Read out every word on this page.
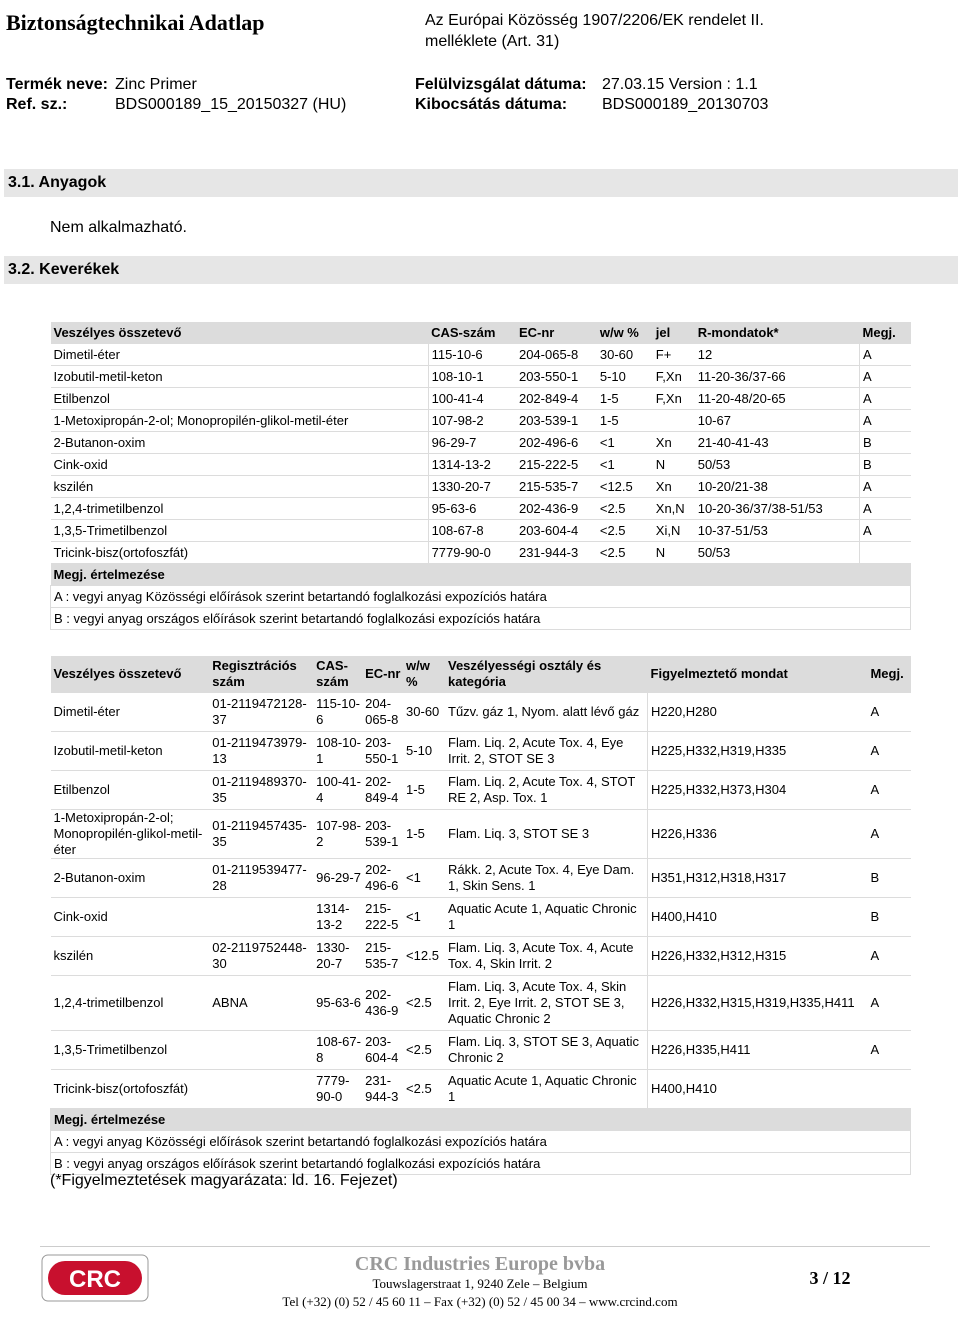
Biztonságtechnikai Adatlap	Az Európai Közösség 1907/2206/EK rendelet II.
melléklete (Art. 31)
Termék neve: Zinc Primer
Ref. sz.:	BDS000189_15_20150327 (HU)
Felülvizsgálat dátuma: 27.03.15 Version : 1.1
Kibocsátás dátuma: BDS000189_20130703
3.1. Anyagok
Nem alkalmazható.
3.2. Keverékek
Veszélyes összetevő	CAS-szám	EC-nr	w/w %	jel	R-mondatok*	Megj.
Dimetil-éter	115-10-6	204-065-8	30-60	F+	12	A
Izobutil-metil-keton	108-10-1	203-550-1	5-10	F,Xn	11-20-36/37-66	A
Etilbenzol	100-41-4	202-849-4	1-5	F,Xn	11-20-48/20-65	A
1-Metoxipropán-2-ol; Monopropilén-glikol-metil-éter	107-98-2	203-539-1	1-5		10-67	A
2-Butanon-oxim	96-29-7	202-496-6	<1	Xn	21-40-41-43	B
Cink-oxid	1314-13-2	215-222-5	<1	N	50/53	B
kszilén	1330-20-7	215-535-7	<12.5	Xn	10-20/21-38	A
1,2,4-trimetilbenzol	95-63-6	202-436-9	<2.5	Xn,N	10-20-36/37/38-51/53	A
1,3,5-Trimetilbenzol	108-67-8	203-604-4	<2.5	Xi,N	10-37-51/53	A
Tricink-bisz(ortofoszfát)	7779-90-0	231-944-3	<2.5	N	50/53	
Megj. értelmezése						
A : vegyi anyag Közösségi előírások szerint betartandó foglalkozási expozíciós határa						
B : vegyi anyag országos előírások szerint betartandó foglalkozási expozíciós határa						
Veszélyes összetevő	Regisztrációs szám	CAS-szám	EC-nr	w/w %	Veszélyességi osztály és kategória	Figyelmeztető mondat	Megj.
Dimetil-éter	01-2119472128-37	115-10-6	204-065-8	30-60	Tűzv. gáz 1, Nyom. alatt lévő gáz	H220,H280	A
Izobutil-metil-keton	01-2119473979-13	108-10-1	203-550-1	5-10	Flam. Liq. 2, Acute Tox. 4, Eye Irrit. 2, STOT SE 3	H225,H332,H319,H335	A
Etilbenzol	01-2119489370-35	100-41-4	202-849-4	1-5	Flam. Liq. 2, Acute Tox. 4, STOT RE 2, Asp. Tox. 1	H225,H332,H373,H304	A
1-Metoxipropán-2-ol; Monopropilén-glikol-metil-éter	01-2119457435-35	107-98-2	203-539-1	1-5	Flam. Liq. 3, STOT SE 3	H226,H336	A
2-Butanon-oxim	01-2119539477-28	96-29-7	202-496-6	<1	Rákk. 2, Acute Tox. 4, Eye Dam. 1, Skin Sens. 1	H351,H312,H318,H317	B
Cink-oxid		1314-13-2	215-222-5	<1	Aquatic Acute 1, Aquatic Chronic 1	H400,H410	B
kszilén	02-2119752448-30	1330-20-7	215-535-7	<12.5	Flam. Liq. 3, Acute Tox. 4, Acute Tox. 4, Skin Irrit. 2	H226,H332,H312,H315	A
1,2,4-trimetilbenzol	ABNA	95-63-6	202-436-9	<2.5	Flam. Liq. 3, Acute Tox. 4, Skin Irrit. 2, Eye Irrit. 2, STOT SE 3, Aquatic Chronic 2	H226,H332,H315,H319,H335,H411	A
1,3,5-Trimetilbenzol		108-67-8	203-604-4	<2.5	Flam. Liq. 3, STOT SE 3, Aquatic Chronic 2	H226,H335,H411	A
Tricink-bisz(ortofoszfát)		7779-90-0	231-944-3	<2.5	Aquatic Acute 1, Aquatic Chronic 1	H400,H410	
Megj. értelmezése							
A : vegyi anyag Közösségi előírások szerint betartandó foglalkozási expozíciós határa							
B : vegyi anyag országos előírások szerint betartandó foglalkozási expozíciós határa							
(*Figyelmeztetések magyarázata: ld. 16. Fejezet)
CRC
CRC Industries Europe bvba
Touwslagerstraat 1, 9240 Zele – Belgium
Tel (+32) (0) 52 / 45 60 11 – Fax (+32) (0) 52 / 45 00 34 – www.crcind.com
3 / 12
